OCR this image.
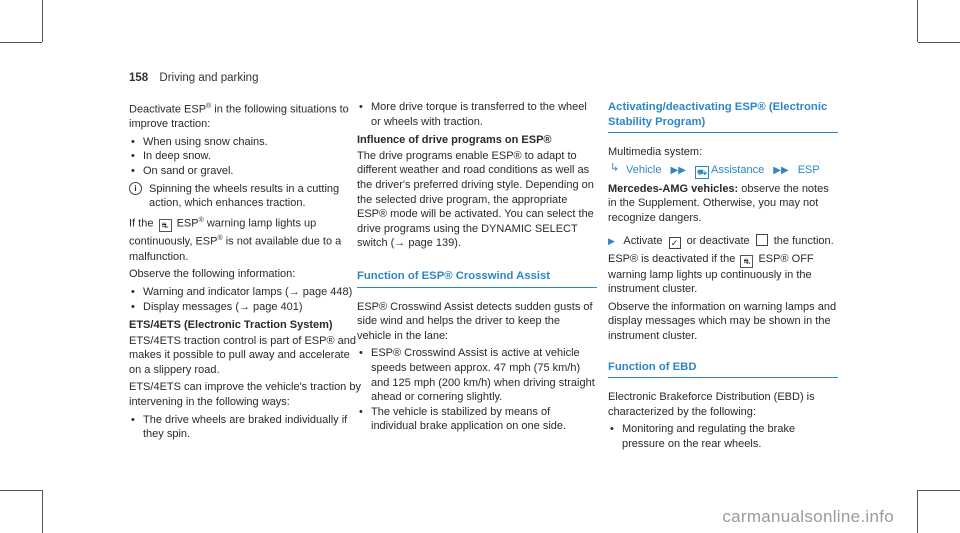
158 Driving and parking

Deactivate ESP® in the following situations to improve traction:

• When using snow chains.
• In deep snow.
• On sand or gravel.

i	Spinning the wheels results in a cutting action, which enhances traction.

If the ⛐ ESP® warning lamp lights up continuously, ESP® is not available due to a malfunction.

Observe the following information:

• Warning and indicator lamps (→ page 448)
• Display messages (→ page 401)
ETS/4ETS (Electronic Traction System)

ETS/4ETS traction control is part of ESP® and makes it possible to pull away and accelerate on a slippery road.

ETS/4ETS can improve the vehicle's traction by intervening in the following ways:

• The drive wheels are braked individually if they spin.
• More drive torque is transferred to the wheel or wheels with traction.
Influence of drive programs on ESP®

The drive programs enable ESP® to adapt to different weather and road conditions as well as the driver's preferred driving style. Depending on the selected drive program, the appropriate ESP® mode will be activated. You can select the drive programs using the DYNAMIC SELECT switch (→ page 139).

Function of ESP® Crosswind Assist

ESP® Crosswind Assist detects sudden gusts of side wind and helps the driver to keep the vehicle in the lane:

• ESP® Crosswind Assist is active at vehicle speeds between approx. 47 mph (75 km/h) and 125 mph (200 km/h) when driving straight ahead or cornering slightly.
• The vehicle is stabilized by means of individual brake application on one side.
Activating/deactivating ESP® (Electronic Stability Program)

Multimedia system:

↳ Vehicle ▶▶ ⛟ Assistance ▶▶ ESP

Mercedes-AMG vehicles: observe the notes in the Supplement. Otherwise, you may not recognize dangers.

▶ Activate ✓ or deactivate the function.

ESP® is deactivated if the ⛐ ESP® OFF warning lamp lights up continuously in the instrument cluster.

Observe the information on warning lamps and display messages which may be shown in the instrument cluster.

Function of EBD

Electronic Brakeforce Distribution (EBD) is characterized by the following:

• Monitoring and regulating the brake pressure on the rear wheels.
carmanualsonline.info
